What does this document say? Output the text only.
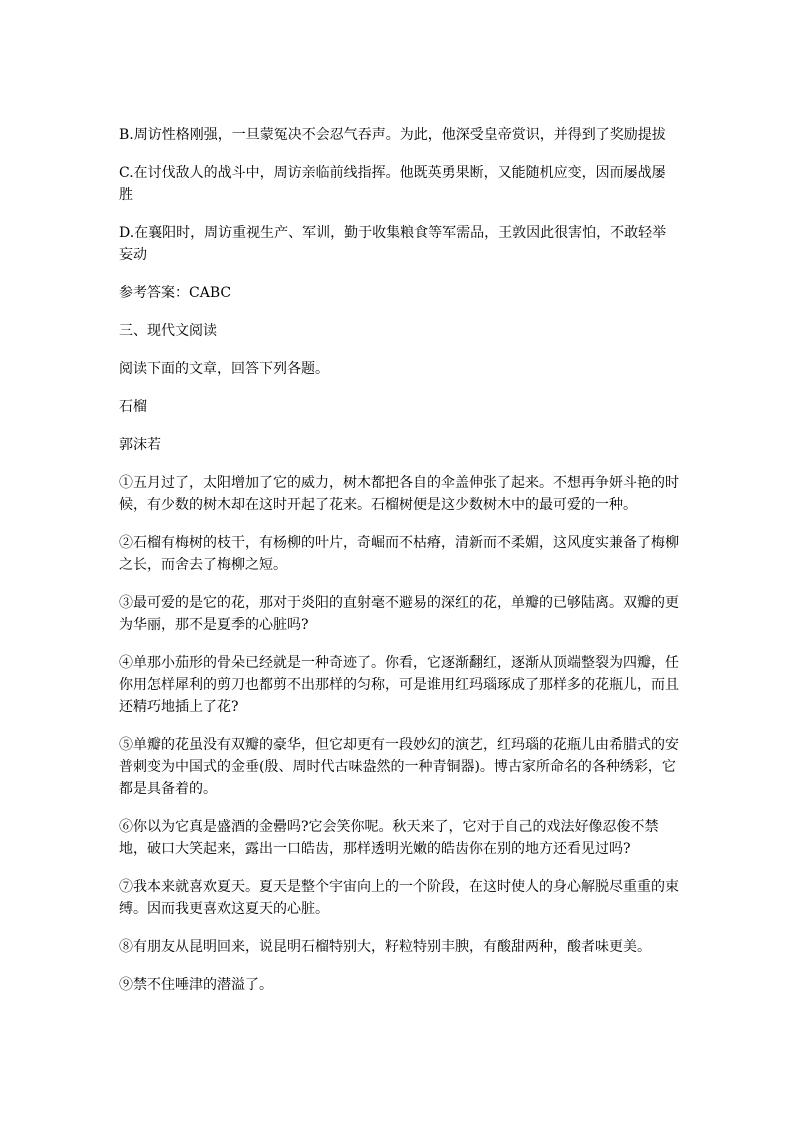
B.周访性格刚强，一旦蒙冤决不会忍气吞声。为此，他深受皇帝赏识，并得到了奖励提拔

C.在讨伐敌人的战斗中，周访亲临前线指挥。他既英勇果断，又能随机应变，因而屡战屡胜

D.在襄阳时，周访重视生产、军训，勤于收集粮食等军需品，王敦因此很害怕，不敢轻举妄动

参考答案：CABC

三、现代文阅读

阅读下面的文章，回答下列各题。

石榴

郭沫若

①五月过了，太阳增加了它的威力，树木都把各自的伞盖伸张了起来。不想再争妍斗艳的时候，有少数的树木却在这时开起了花来。石榴树便是这少数树木中的最可爱的一种。

②石榴有梅树的枝干，有杨柳的叶片，奇崛而不枯瘠，清新而不柔媚，这风度实兼备了梅柳之长，而舍去了梅柳之短。

③最可爱的是它的花，那对于炎阳的直射毫不避易的深红的花，单瓣的已够陆离。双瓣的更为华丽，那不是夏季的心脏吗?

④单那小茄形的骨朵已经就是一种奇迹了。你看，它逐渐翻红，逐渐从顶端整裂为四瓣，任你用怎样犀利的剪刀也都剪不出那样的匀称，可是谁用红玛瑙琢成了那样多的花瓶儿，而且还精巧地插上了花?

⑤单瓣的花虽没有双瓣的豪华，但它却更有一段妙幻的演艺，红玛瑙的花瓶儿由希腊式的安普刺变为中国式的金垂(殷、周时代古味盎然的一种青铜器)。博古家所命名的各种绣彩，它都是具备着的。

⑥你以为它真是盛酒的金罍吗?它会笑你呢。秋天来了，它对于自己的戏法好像忍俊不禁地，破口大笑起来，露出一口皓齿，那样透明光嫩的皓齿你在别的地方还看见过吗?

⑦我本来就喜欢夏天。夏天是整个宇宙向上的一个阶段，在这时使人的身心解脱尽重重的束缚。因而我更喜欢这夏天的心脏。

⑧有朋友从昆明回来，说昆明石榴特别大，籽粒特别丰腴，有酸甜两种，酸者味更美。

⑨禁不住唾津的潜溢了。
